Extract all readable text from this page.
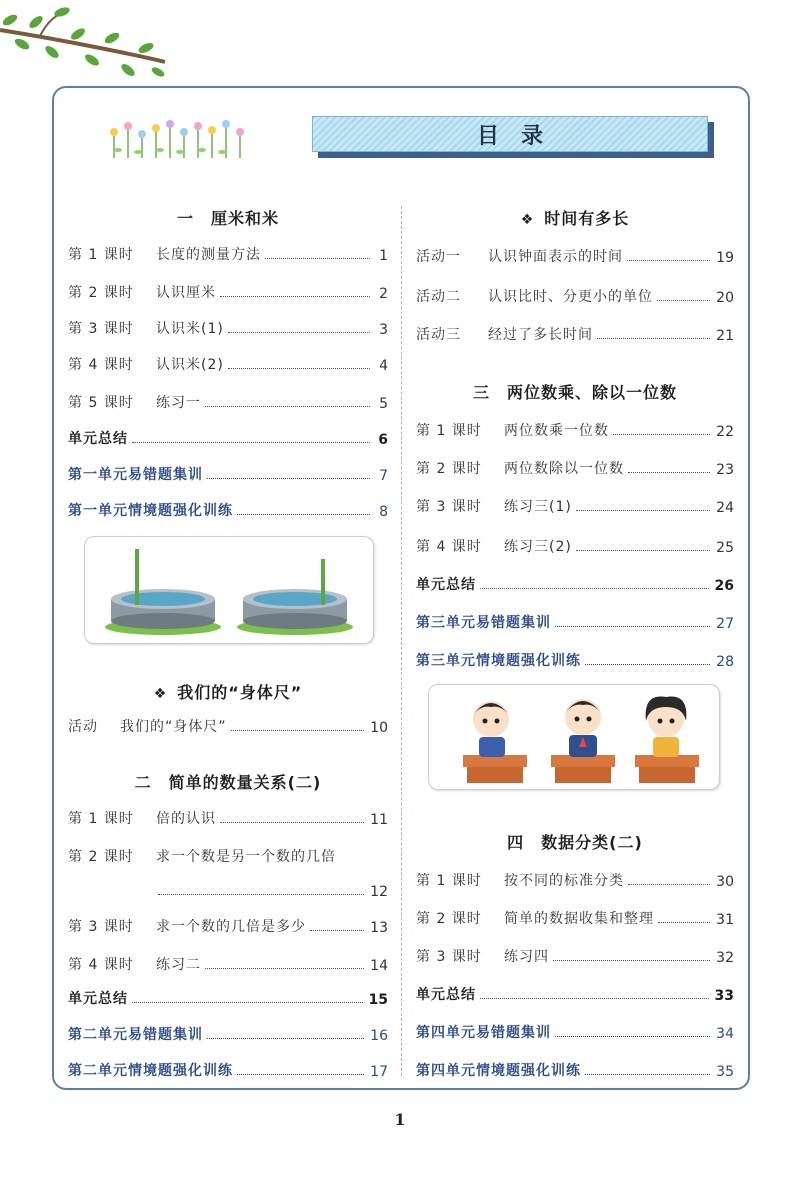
目录
一　厘米和米
第 1 课时	长度的测量方法	1
第 2 课时	认识厘米	2
第 3 课时	认识米(1)	3
第 4 课时	认识米(2)	4
第 5 课时	练习一	5
单元总结	6
第一单元易错题集训	7
第一单元情境题强化训练	8
❖ 我们的“身体尺”
活动	我们的“身体尺”	10
二　简单的数量关系(二)
第 1 课时	倍的认识	11
第 2 课时	求一个数是另一个数的几倍
12
第 3 课时	求一个数的几倍是多少	13
第 4 课时	练习二	14
单元总结	15
第二单元易错题集训	16
第二单元情境题强化训练	17
❖ 时间有多长
活动一	认识钟面表示的时间	19
活动二	认识比时、分更小的单位	20
活动三	经过了多长时间	21
三　两位数乘、除以一位数
第 1 课时	两位数乘一位数	22
第 2 课时	两位数除以一位数	23
第 3 课时	练习三(1)	24
第 4 课时	练习三(2)	25
单元总结	26
第三单元易错题集训	27
第三单元情境题强化训练	28
四　数据分类(二)
第 1 课时	按不同的标准分类	30
第 2 课时	简单的数据收集和整理	31
第 3 课时	练习四	32
单元总结	33
第四单元易错题集训	34
第四单元情境题强化训练	35
1
